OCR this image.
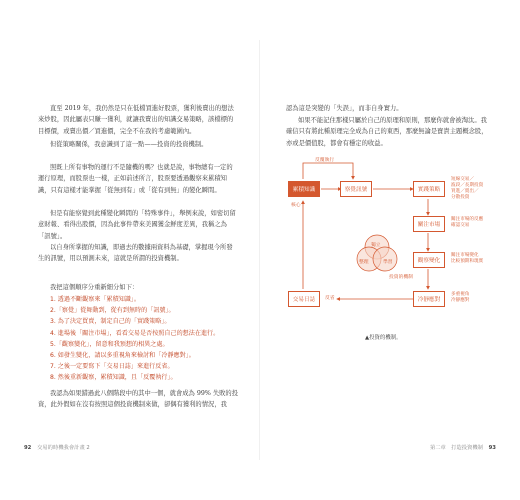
直至 2019 年，我仍然是只在低檔買進好股票，獲利後賣出的想法來炒股，因此屬表只賺一獲利，就讓我賣出的知識交易策略，該檔標的目標價，或賣出價／買進價，完全不在我的考慮範圍內。

但從策略關係，我意識到了這一點——投資的投資機制。

照既上所有事物的運行不是隨機的嗎？也就是說，事物總有一定的運行原理，而股票也一樣，正如前述所言，股票要透過觀察來累積知識，只有這樣才能掌握「從無到有」或「從有到無」的變化瞬間。

但是有能察覺到此種變化瞬間的「特殊事件」，舉例來說，如密切留意財報、看得出股價，因為此事件帶來美國獲金鮮度差異，我稱之為「訊號」。

以自身所掌握的知識，即過去的數據兩資料為基礎，掌握現今所發生的訊號，用以預測未來，這就是所謂的投資機制。

我把這個順序分重新細分如下：
1. 透過不斷觀察來「累積知識」。
2.「察覺」從舞動到，從有到無時的「訊號」。
3. 為了決定買賣，制定自己的「實踐策略」。
4. 進場後「關注市場」，看看交易是否按照自己的想法在進行。
5.「觀察變化」，留意和我預想的相異之處。
6. 如發生變化，請以多重視角來檢討和「冷靜應對」。
7. 之後一定要寫下「交易日誌」來進行反省。
8. 然後重新觀察，累積知識，且「反覆執行」。

我認為如果錯過此八個階段中的其中一個，就會成為 99% 失敗的投資，此外假如在沒有按照這個投資機制來做，卻偶有獲利的情況，我

92 交易的時機我會計畫 2

認為這是突變的「失誤」，而非自身實力。

如果不能記住那樣只屬於自己的原理和原則，那麼你就會被淘汰。我確信只有將此種原理完全成為自己的東西，那麼無論是寶貴主題概念股，亦或是價值股，都會有穩定的收益。

第二章　打造投資機制 93
反覆執行
核心
累積知識	察覺訊號	實踐策略
關注市場
觀察變化
冷靜應對
交易日誌	反省
短線交易／
波段／長期投資
買進／賣出／
分散投資
關注市場的反應
確認交易
關注市場變化
比較預期和現實
多重視角
冷靜應對
獨立
整理	學習
投資的機制
▲投資的機制。
